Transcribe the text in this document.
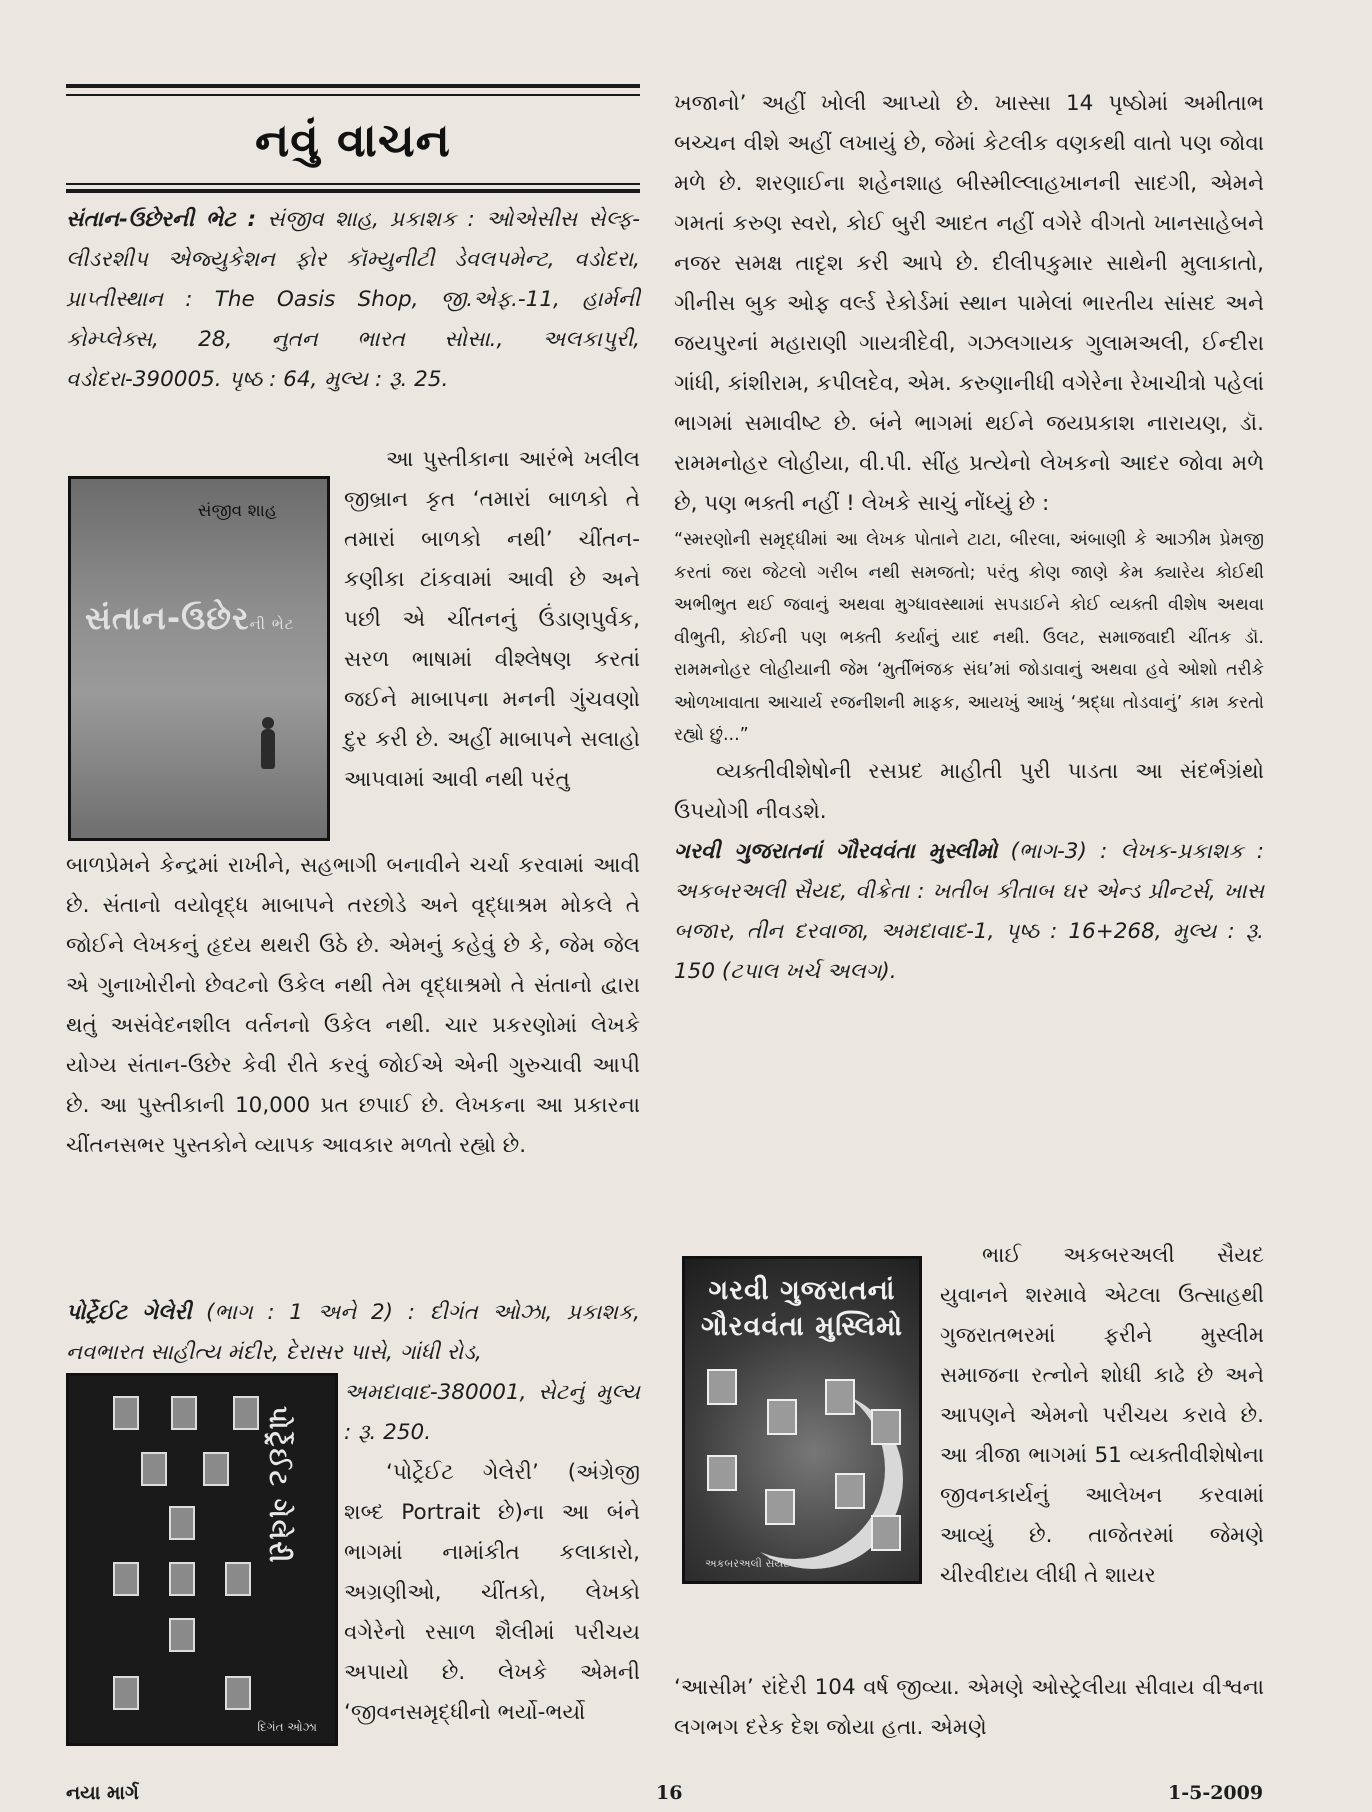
નવું વાચન

સંતાન-ઉછેરની ભેટ : સંજીવ શાહ, પ્રકાશક : ઓએસીસ સેલ્ફ-લીડરશીપ એજ્યુકેશન ફોર કૉમ્યુનીટી ડેવલપમેન્ટ, વડોદરા, પ્રાપ્તીસ્થાન : The Oasis Shop, જી.એફ.-11, હાર્મની કોમ્પ્લેક્સ, 28, નુતન ભારત સોસા., અલકાપુરી, વડોદરા-390005. પૃષ્ઠ : 64, મુલ્ય : રૂ. 25.

સંજીવ શાહ
સંતાન-ઉછેરની ભેટ

આ પુસ્તીકાના આરંભે ખલીલ જીબ્રાન કૃત ‘તમારાં બાળકો તે તમારાં બાળકો નથી’ ચીંતન-કણીકા ટાંકવામાં આવી છે અને પછી એ ચીંતનનું ઉંડાણપુર્વક, સરળ ભાષામાં વીશ્લેષણ કરતાં જઈને માબાપના મનની ગુંચવણો દુર કરી છે. અહીં માબાપને સલાહો આપવામાં આવી નથી પરંતુ

બાળપ્રેમને કેન્દ્રમાં રાખીને, સહભાગી બનાવીને ચર્ચા કરવામાં આવી છે. સંતાનો વયોવૃદ્ધ માબાપને તરછોડે અને વૃદ્ધાશ્રમ મોકલે તે જોઈને લેખકનું હૃદય થથરી ઉઠે છે. એમનું કહેવું છે કે, જેમ જેલ એ ગુનાખોરીનો છેવટનો ઉકેલ નથી તેમ વૃદ્ધાશ્રમો તે સંતાનો દ્વારા થતું અસંવેદનશીલ વર્તનનો ઉકેલ નથી. ચાર પ્રકરણોમાં લેખકે યોગ્ય સંતાન-ઉછેર કેવી રીતે કરવું જોઈએ એની ગુરુચાવી આપી છે. આ પુસ્તીકાની 10,000 પ્રત છપાઈ છે. લેખકના આ પ્રકારના ચીંતનસભર પુસ્તકોને વ્યાપક આવકાર મળતો રહ્યો છે.

પોર્ટ્રેઈટ ગેલેરી (ભાગ : 1 અને 2) : દીગંત ઓઝા, પ્રકાશક, નવભારત સાહીત્ય મંદીર, દેરાસર પાસે, ગાંધી રોડ,

અમદાવાદ-380001, સેટનું મુલ્ય : રૂ. 250.

પોર્ટ્રેઈટ ગેલેરી
દિગંત ઓઝા

‘પોર્ટ્રેઈટ ગેલેરી’ (અંગ્રેજી શબ્દ Portrait છે)ના આ બંને ભાગમાં નામાંકીત કલાકારો, અગ્રણીઓ, ચીંતકો, લેખકો વગેરેનો રસાળ શૈલીમાં પરીચય અપાયો છે. લેખકે એમની ‘જીવનસમૃદ્ધીનો ભર્યો-ભર્યો

ખજાનો’ અહીં ખોલી આપ્યો છે. ખાસ્સા 14 પૃષ્ઠોમાં અમીતાભ બચ્ચન વીશે અહીં લખાયું છે, જેમાં કેટલીક વણકથી વાતો પણ જોવા મળે છે. શરણાઈના શહેનશાહ બીસ્મીલ્લાહખાનની સાદગી, એમને ગમતાં કરુણ સ્વરો, કોઈ બુરી આદત નહીં વગેરે વીગતો ખાનસાહેબને નજર સમક્ષ તાદૃશ કરી આપે છે. દીલીપકુમાર સાથેની મુલાકાતો, ગીનીસ બુક ઓફ વર્લ્ડ રેકોર્ડમાં સ્થાન પામેલાં ભારતીય સાંસદ અને જયપુરનાં મહારાણી ગાયત્રીદેવી, ગઝલગાયક ગુલામઅલી, ઈન્દીરા ગાંધી, કાંશીરામ, કપીલદેવ, એમ. કરુણાનીધી વગેરેના રેખાચીત્રો પહેલાં ભાગમાં સમાવીષ્ટ છે. બંને ભાગમાં થઈને જયપ્રકાશ નારાયણ, ડૉ. રામમનોહર લોહીયા, વી.પી. સીંહ પ્રત્યેનો લેખકનો આદર જોવા મળે છે, પણ ભક્તી નહીં ! લેખકે સાચું નોંધ્યું છે :

“સ્મરણોની સમૃદ્ધીમાં આ લેખક પોતાને ટાટા, બીરલા, અંબાણી કે આઝીમ પ્રેમજી કરતાં જરા જેટલો ગરીબ નથી સમજતો; પરંતુ કોણ જાણે કેમ ક્યારેય કોઈથી અભીભુત થઈ જવાનું અથવા મુગ્ધાવસ્થામાં સપડાઈને કોઈ વ્યક્તી વીશેષ અથવા વીભુતી, કોઈની પણ ભક્તી કર્યાનું યાદ નથી. ઉલટ, સમાજવાદી ચીંતક ડૉ. રામમનોહર લોહીયાની જેમ ‘મુર્તીભંજક સંઘ’માં જોડાવાનું અથવા હવે ઓશો તરીકે ઓળખાવાતા આચાર્ય રજનીશની માફક, આયખું આખું ‘શ્રદ્ધા તોડવાનું’ કામ કરતો રહ્યો છું...”

વ્યક્તીવીશેષોની રસપ્રદ માહીતી પુરી પાડતા આ સંદર્ભગ્રંથો ઉપયોગી નીવડશે.

ગરવી ગુજરાતનાં ગૌરવવંતા મુસ્લીમો (ભાગ-3) : લેખક-પ્રકાશક : અકબરઅલી સૈયદ, વીક્રેતા : ખતીબ કીતાબ ઘર એન્ડ પ્રીન્ટર્સ, ખાસ બજાર, તીન દરવાજા, અમદાવાદ-1, પૃષ્ઠ : 16+268, મુલ્ય : રૂ. 150 (ટપાલ ખર્ચ અલગ).

ગરવી ગુજરાતનાં
ગૌરવવંતા મુસ્લિમો
અકબરઅલી સૈયદ

ભાઈ અકબરઅલી સૈયદ યુવાનને શરમાવે એટલા ઉત્સાહથી ગુજરાતભરમાં ફરીને મુસ્લીમ સમાજના રત્નોને શોધી કાઢે છે અને આપણને એમનો પરીચય કરાવે છે. આ ત્રીજા ભાગમાં 51 વ્યક્તીવીશેષોના જીવનકાર્યનું આલેખન કરવામાં આવ્યું છે. તાજેતરમાં જેમણે ચીરવીદાય લીધી તે શાયર

‘આસીમ’ રાંદેરી 104 વર્ષ જીવ્યા. એમણે ઓસ્ટ્રેલીયા સીવાય વીશ્વના લગભગ દરેક દેશ જોયા હતા. એમણે

નયા માર્ગ	16	1-5-2009
